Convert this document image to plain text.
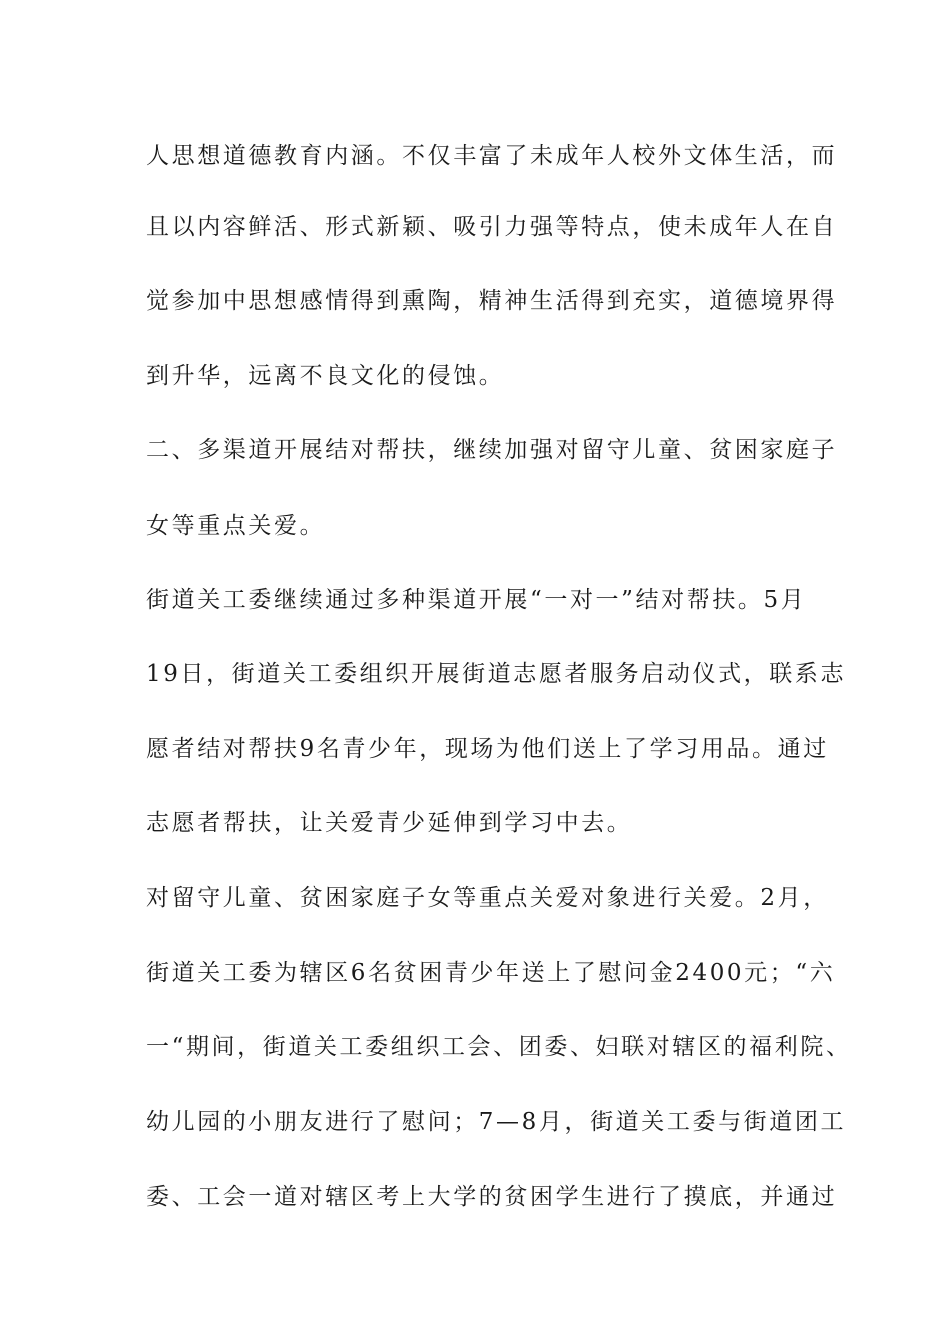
人思想道德教育内涵。不仅丰富了未成年人校外文体生活，而
且以内容鲜活、形式新颖、吸引力强等特点，使未成年人在自
觉参加中思想感情得到熏陶，精神生活得到充实，道德境界得
到升华，远离不良文化的侵蚀。
二、多渠道开展结对帮扶，继续加强对留守儿童、贫困家庭子
女等重点关爱。
街道关工委继续通过多种渠道开展“一对一”结对帮扶。5月
19日，街道关工委组织开展街道志愿者服务启动仪式，联系志
愿者结对帮扶9名青少年，现场为他们送上了学习用品。通过
志愿者帮扶，让关爱青少延伸到学习中去。
对留守儿童、贫困家庭子女等重点关爱对象进行关爱。2月，
街道关工委为辖区6名贫困青少年送上了慰问金2400元；“六
一“期间，街道关工委组织工会、团委、妇联对辖区的福利院、
幼儿园的小朋友进行了慰问；7—8月，街道关工委与街道团工
委、工会一道对辖区考上大学的贫困学生进行了摸底，并通过
